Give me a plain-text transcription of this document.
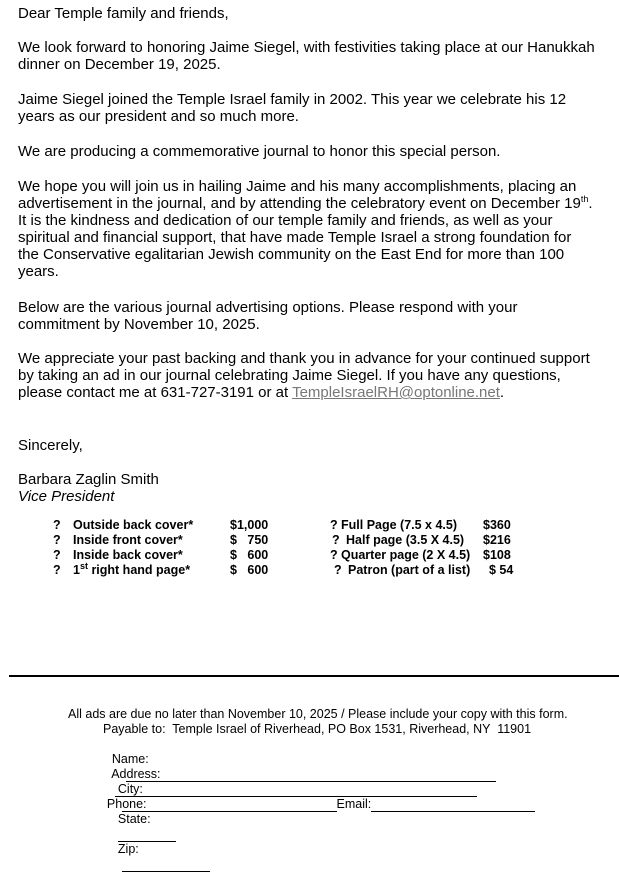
Dear Temple family and friends,

We look forward to honoring Jaime Siegel, with festivities taking place at our Hanukkah dinner on December 19, 2025.

Jaime Siegel joined the Temple Israel family in 2002. This year we celebrate his 12 years as our president and so much more.

We are producing a commemorative journal to honor this special person.

We hope you will join us in hailing Jaime and his many accomplishments, placing an advertisement in the journal, and by attending the celebratory event on December 19th. It is the kindness and dedication of our temple family and friends, as well as your spiritual and financial support, that have made Temple Israel a strong foundation for the Conservative egalitarian Jewish community on the East End for more than 100 years.

Below are the various journal advertising options. Please respond with your commitment by November 10, 2025.

We appreciate your past backing and thank you in advance for your continued support by taking an ad in our journal celebrating Jaime Siegel. If you have any questions, please contact me at 631-727-3191 or at TempleIsraelRH@optonline.net.

Sincerely,

Barbara Zaglin Smith

Vice President

? Outside back cover*	$1,000	? Full Page (7.5 x 4.5) $360
? Inside front cover*	$   750	? Half page (3.5 X 4.5) $216
? Inside back cover*	$   600	? Quarter page (2 X 4.5) $108
? 1st right hand page*	$   600	? Patron (part of a list) $ 54
All ads are due no later than November 10, 2025 / Please include your copy with this form.
Payable to:  Temple Israel of Riverhead, PO Box 1531, Riverhead, NY  11901

Name:

Address:

City:

State:

Zip:

Phone:	Email:
